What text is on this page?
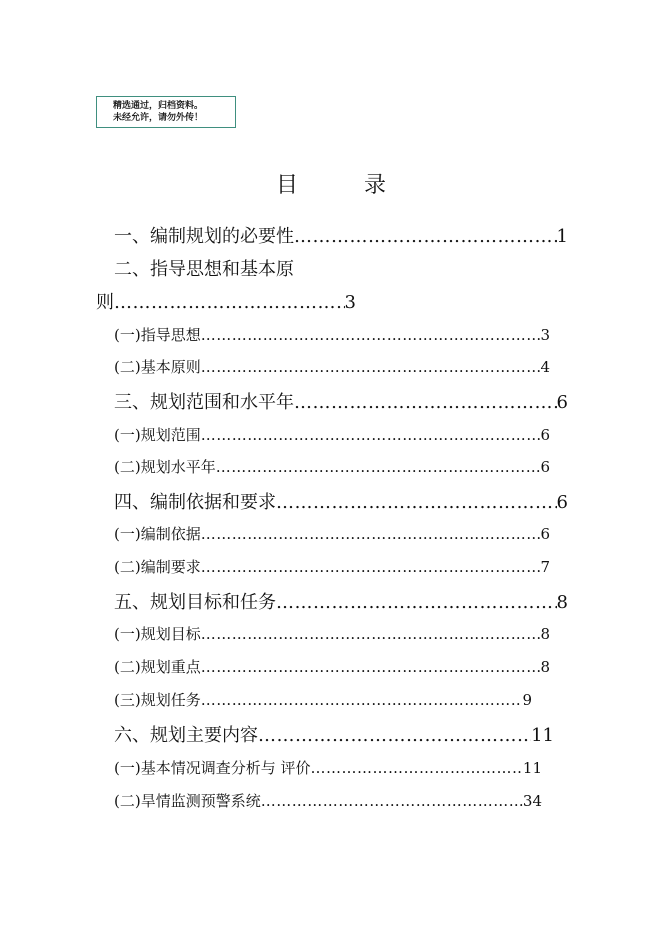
精选通过，归档资料。
未经允许，请勿外传！
目	录
一、编制规划的必要性 ……………………………………………………………………………………………………………………………………………………………	1
二、指导思想和基本原
则 ……………………………………………………………………………………………………………………………………………………………	3
(一)指导思想 ……………………………………………………………………………………………………………………………………………………………	3
(二)基本原则 ……………………………………………………………………………………………………………………………………………………………	4
三、规划范围和水平年 ……………………………………………………………………………………………………………………………………………………………	6
(一)规划范围 ……………………………………………………………………………………………………………………………………………………………	6
(二)规划水平年 ……………………………………………………………………………………………………………………………………………………………	6
四、编制依据和要求 ……………………………………………………………………………………………………………………………………………………………	6
(一)编制依据 ……………………………………………………………………………………………………………………………………………………………	6
(二)编制要求 ……………………………………………………………………………………………………………………………………………………………	7
五、规划目标和任务 ……………………………………………………………………………………………………………………………………………………………	8
(一)规划目标 ……………………………………………………………………………………………………………………………………………………………	8
(二)规划重点 ……………………………………………………………………………………………………………………………………………………………	8
(三)规划任务 ……………………………………………………………………………………………………………………………………………………………	9
六、规划主要内容 ……………………………………………………………………………………………………………………………………………………………	11
(一)基本情况调查分析与 评价 ……………………………………………………………………………………………………………………………………………………………	11
(二)旱情监测预警系统 ……………………………………………………………………………………………………………………………………………………………	34
